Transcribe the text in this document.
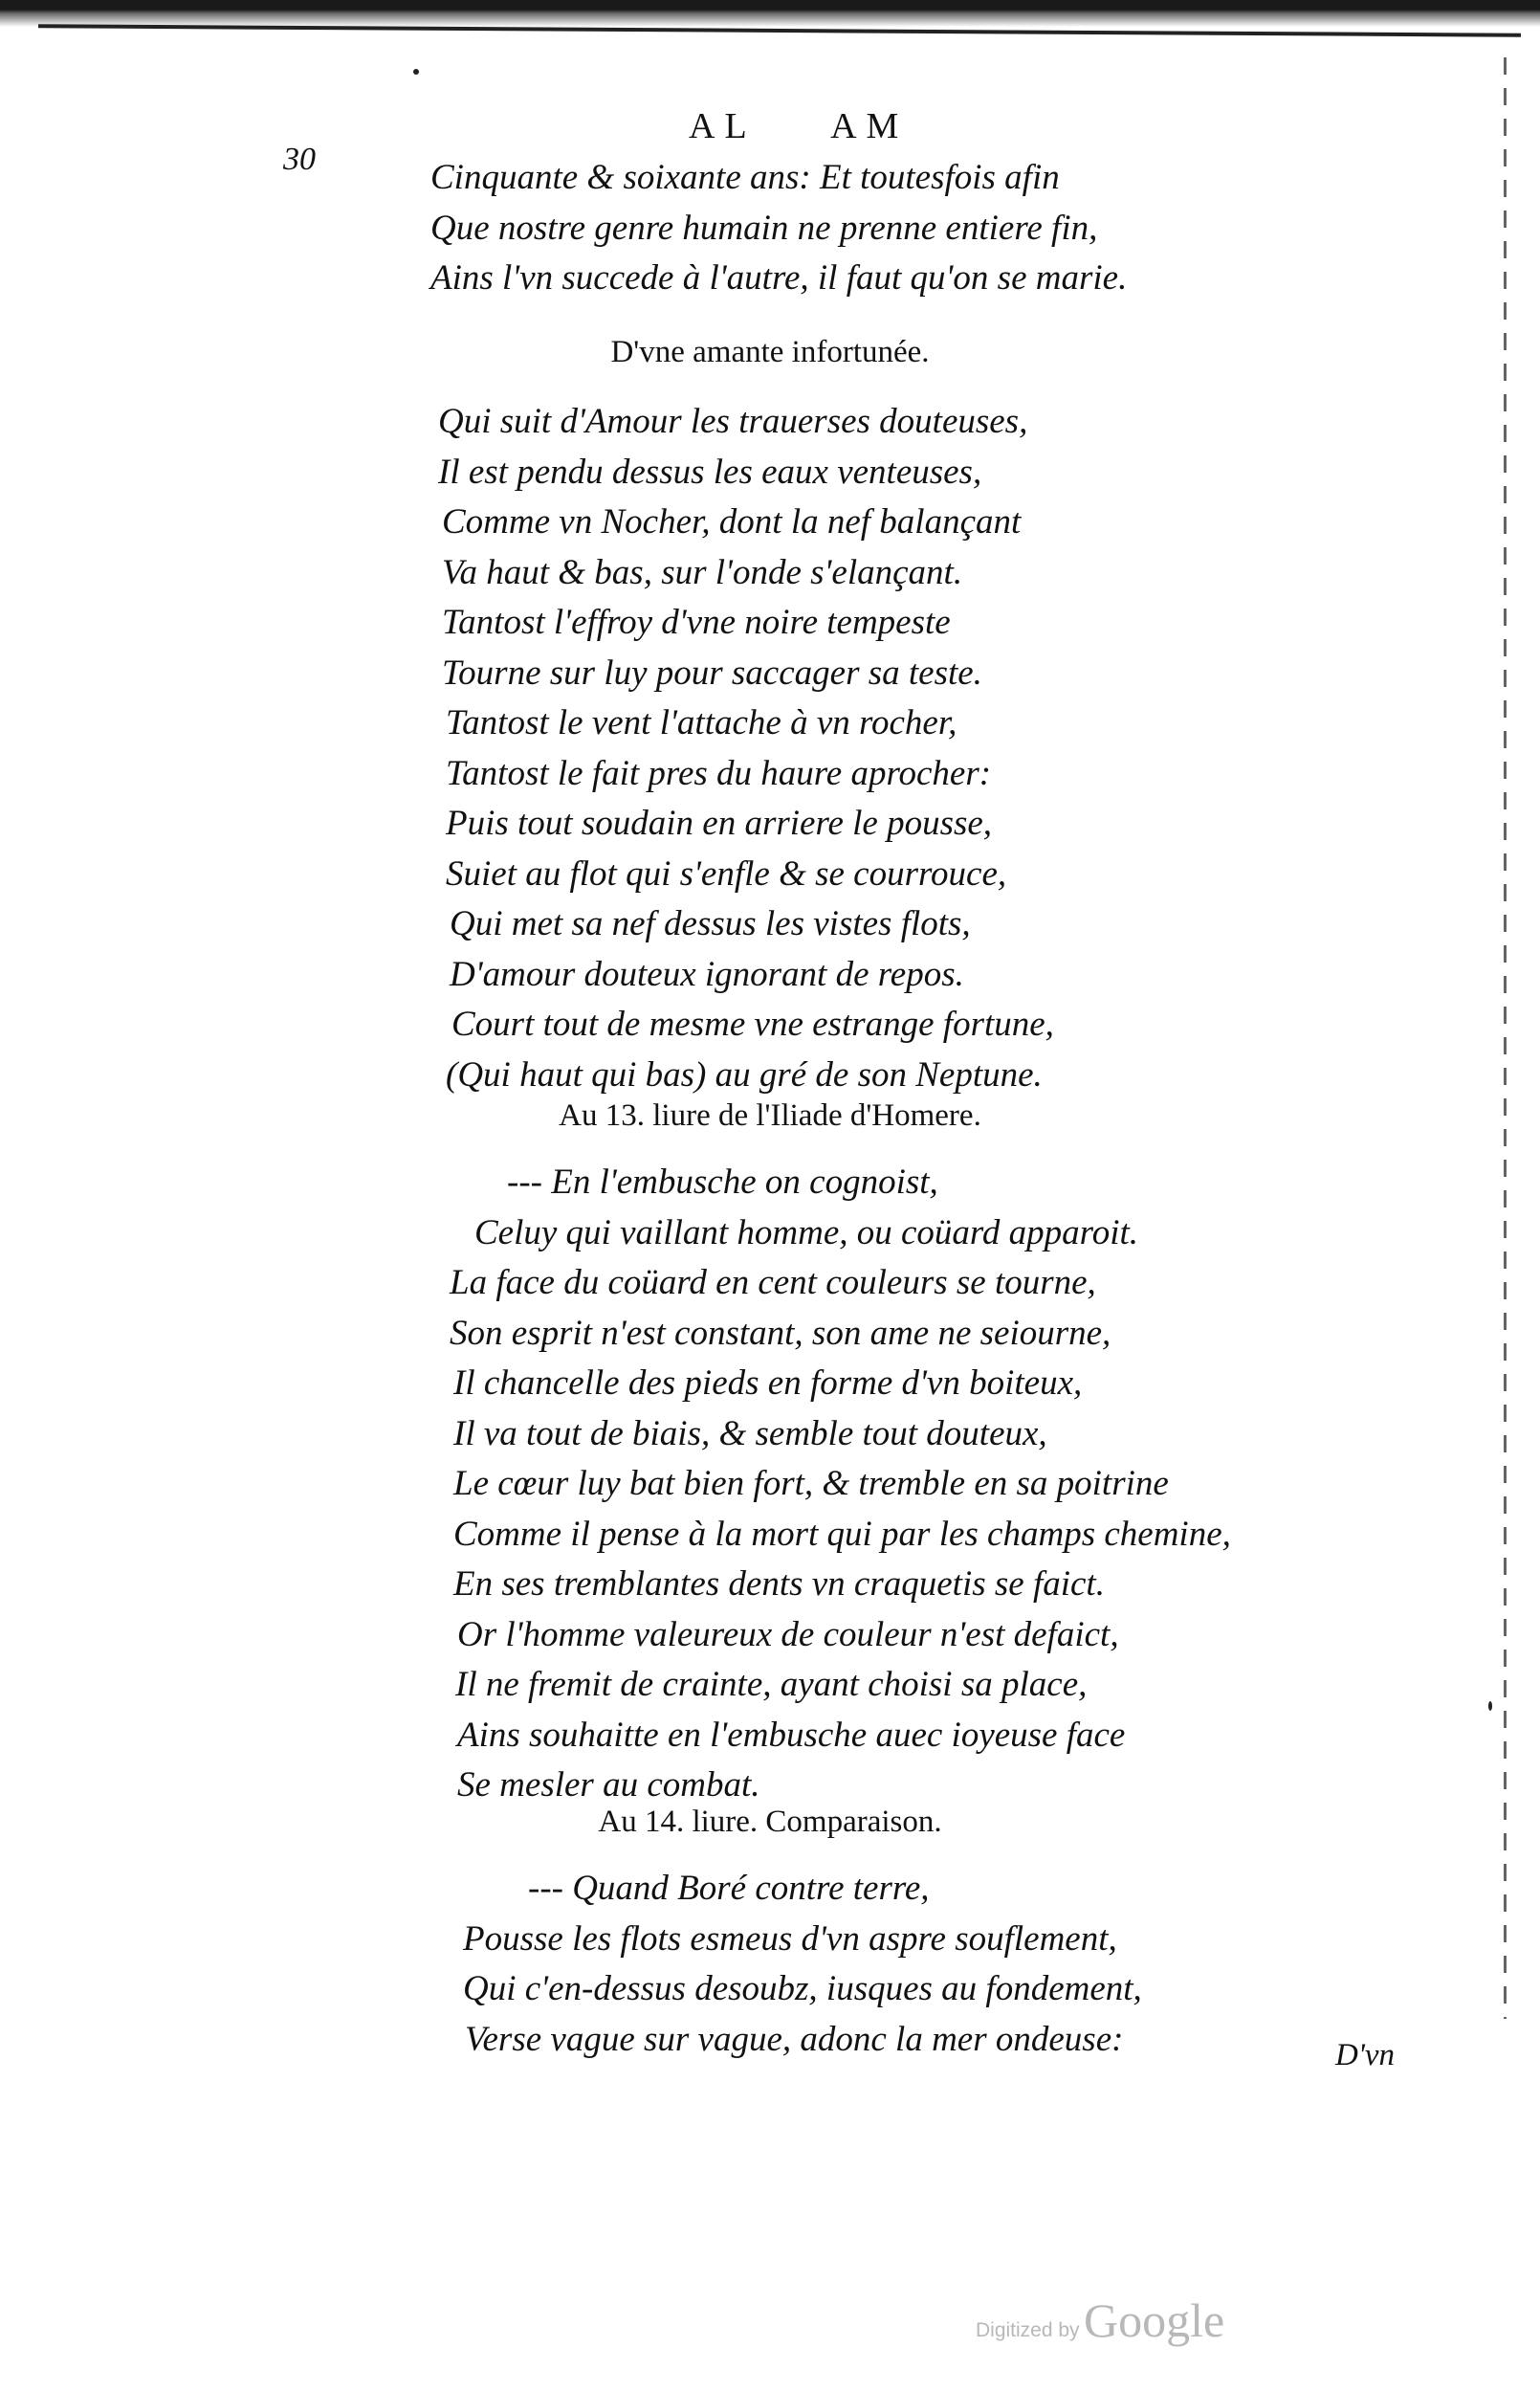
30
AL AM
Cinquante & soixante ans: Et toutesfois afin
Que nostre genre humain ne prenne entiere fin,
Ains l'vn succede à l'autre, il faut qu'on se marie.
D'vne amante infortunée.
Qui suit d'Amour les trauerses douteuses,
Il est pendu dessus les eaux venteuses,
Comme vn Nocher, dont la nef balançant
Va haut & bas, sur l'onde s'elançant.
Tantost l'effroy d'vne noire tempeste
Tourne sur luy pour saccager sa teste.
Tantost le vent l'attache à vn rocher,
Tantost le fait pres du haure aprocher:
Puis tout soudain en arriere le pousse,
Suiet au flot qui s'enfle & se courrouce,
Qui met sa nef dessus les vistes flots,
D'amour douteux ignorant de repos.
Court tout de mesme vne estrange fortune,
(Qui haut qui bas) au gré de son Neptune.
Au 13. liure de l'Iliade d'Homere.
--- En l'embusche on cognoist,
Celuy qui vaillant homme, ou coüard apparoit.
La face du coüard en cent couleurs se tourne,
Son esprit n'est constant, son ame ne seiourne,
Il chancelle des pieds en forme d'vn boiteux,
Il va tout de biais, & semble tout douteux,
Le cœur luy bat bien fort, & tremble en sa poitrine
Comme il pense à la mort qui par les champs chemine,
En ses tremblantes dents vn craquetis se faict.
Or l'homme valeureux de couleur n'est defaict,
Il ne fremit de crainte, ayant choisi sa place,
Ains souhaitte en l'embusche auec ioyeuse face
Se mesler au combat.
Au 14. liure. Comparaison.
--- Quand Boré contre terre,
Pousse les flots esmeus d'vn aspre souflement,
Qui c'en-dessus desoubz, iusques au fondement,
Verse vague sur vague, adonc la mer ondeuse:	D'vn
Digitized by Google
